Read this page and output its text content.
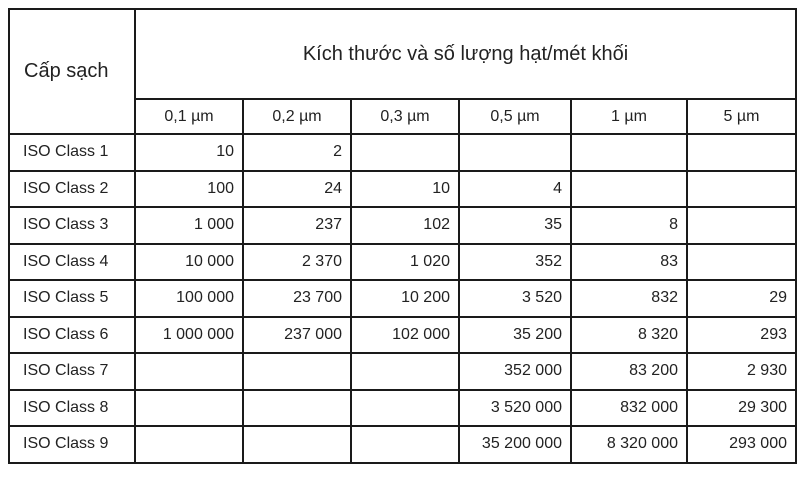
Cấp sạch	Kích thước và số lượng hạt/mét khối					
	0,1 µm	0,2 µm	0,3 µm	0,5 µm	1 µm	5 µm
ISO Class 1	10	2				
ISO Class 2	100	24	10	4		
ISO Class 3	1 000	237	102	35	8	
ISO Class 4	10 000	2 370	1 020	352	83	
ISO Class 5	100 000	23 700	10 200	3 520	832	29
ISO Class 6	1 000 000	237 000	102 000	35 200	8 320	293
ISO Class 7				352 000	83 200	2 930
ISO Class 8				3 520 000	832 000	29 300
ISO Class 9				35 200 000	8 320 000	293 000
